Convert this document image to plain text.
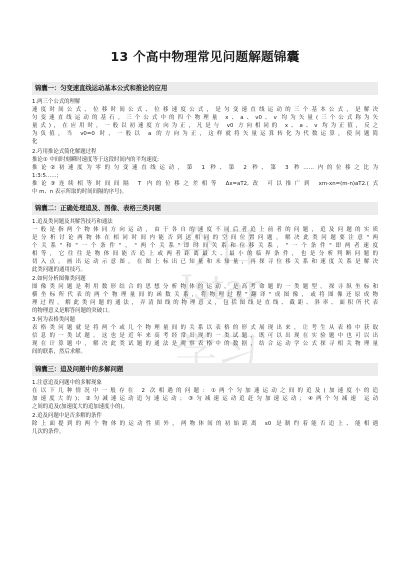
13 个高中物理常见问题解题锦囊
今日
Istar
学习
锦囊一：匀变速直线运动基本公式和推论的应用
1.两三个公式的理解
速度时间公式、位移时间公式、位移速度公式，是匀变速直线运动的三个基本公式，是解决
匀变速直线运动的基石。三个公式中的四个物理量 x、a、v0、v 均为矢量(三个公式称为矢
量式)，在应用时，一般以初速度方向为正，凡是与 v0 方向相同的 x、a、v 均为正值，反之
为负值，当 v0=0 时，一般以 a 的方向为正，这样就将矢量运算转化为代数运算，使问题简
化
2.巧用推论式简化解题过程
推论① 中间时刻瞬时速度等于这段时间内的平均速度;
推论②初速度为零的匀变速直线运动，第 1 秒、第 2 秒、第 3 秒……内的位移之比为
1:3:5……;
推论③连续相等时间间隔 T 内的位移之差相等 Δx=aT2,改 可以推广到 xm-xn=(m-n)aT2.(式
中 m、n 表示所取的时间间隔的序号)。
锦囊二：正确处理追及、图像、表格三类问题
1.追及类问题及其解答技巧和通法
一般是指两个物体同方向运动，由于各自的速度不同后者追上前者的问题，追及问题的实质
是分析讨论两物体在相同时间内能否到达相同的空间位置问题。解决此类问题要注意"两
个关系"和"一个条件"，"两个关系"即时间关系和位移关系，"一个条件"即两者速度
相等，它往往是物体间能否追上或两者距离最大、最小的临界条件，也是分析判断问题的
切入点。画出运动示意图，在图上标出已知量和未知量，再探寻位移关系和速度关系是解决
此类问题的通用技巧。
2.如何分析图像类问题
图像类问题是利用数形结合的思想分析物体的运动，是高考命题的一类题型。探寻纵坐标和
横坐标所代表的两个物理量间的函数关系，将物理过程"翻译"成图像，或将图像还原成物
理过程。解此类问题的通法，弄清图线的物理意义，包括图线是直线、截距、斜率、面积所代表
的物理意义是解答问题的突破口。
3.何为表格类问题
表格类问题就是将两个或几个物理量间的关系以表格的形式展现出来，让考生从表格中获取
信息的一类试题。这也是近年来高考经常出现的一类试题，既可以出现在实验题中也可以出
现在计算题中，解决此类试题的通法是观察表格中的数据，结合运动学公式探寻相关物理量
间的联系，然后求解。
锦囊三：追及问题中的多解问题
1.注意追及问题中的多解现象
在以下几种情况中一般存在 2 次相遇的问题：①两个匀加速运动之间的追及(加速度小的追
加速度大的)；②匀减速运动追匀速运动；③匀减速运动追赶匀加速运动；④两个匀减速 运动
之间的追及(加速度大的追加速度小的)。
2.追及问题中是否多解的条件
除上面提到的两个物体的运动性质外，两物体间的初始距离 s0 是制约着能否追上、能相遇
几次的条件。
